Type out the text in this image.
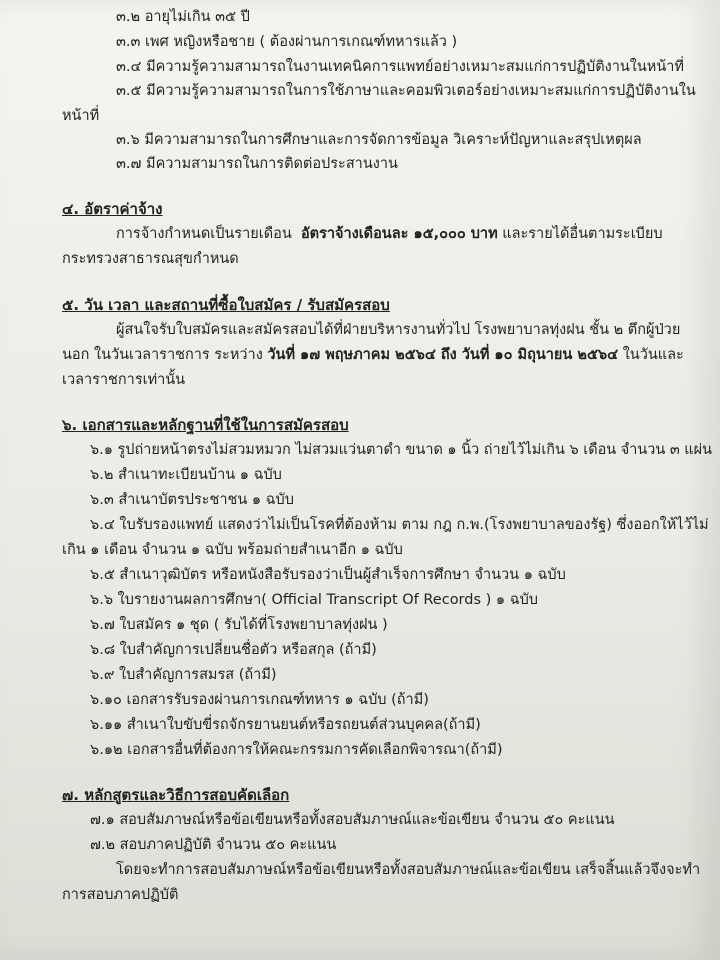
๓.๒ อายุไม่เกิน ๓๕ ปี
๓.๓ เพศ หญิงหรือชาย ( ต้องผ่านการเกณฑ์ทหารแล้ว )
๓.๔ มีความรู้ความสามารถในงานเทคนิคการแพทย์อย่างเหมาะสมแก่การปฏิบัติงานในหน้าที่
๓.๕ มีความรู้ความสามารถในการใช้ภาษาและคอมพิวเตอร์อย่างเหมาะสมแก่การปฏิบัติงานใน
หน้าที่
๓.๖ มีความสามารถในการศึกษาและการจัดการข้อมูล วิเคราะห์ปัญหาและสรุปเหตุผล
๓.๗ มีความสามารถในการติดต่อประสานงาน
๔. อัตราค่าจ้าง
การจ้างกำหนดเป็นรายเดือน อัตราจ้างเดือนละ ๑๕,๐๐๐ บาท และรายได้อื่นตามระเบียบ
กระทรวงสาธารณสุขกำหนด
๕. วัน เวลา และสถานที่ซื้อใบสมัคร / รับสมัครสอบ
ผู้สนใจรับใบสมัครและสมัครสอบได้ที่ฝ่ายบริหารงานทั่วไป โรงพยาบาลทุ่งฝน ชั้น ๒ ตึกผู้ป่วย
นอก ในวันเวลาราชการ ระหว่าง วันที่ ๑๗ พฤษภาคม ๒๕๖๔ ถึง วันที่ ๑๐ มิถุนายน ๒๕๖๔ ในวันและ
เวลาราชการเท่านั้น
๖. เอกสารและหลักฐานที่ใช้ในการสมัครสอบ
๖.๑ รูปถ่ายหน้าตรงไม่สวมหมวก ไม่สวมแว่นตาดำ ขนาด ๑ นิ้ว ถ่ายไว้ไม่เกิน ๖ เดือน จำนวน ๓ แผ่น
๖.๒ สำเนาทะเบียนบ้าน ๑ ฉบับ
๖.๓ สำเนาบัตรประชาชน ๑ ฉบับ
๖.๔ ใบรับรองแพทย์ แสดงว่าไม่เป็นโรคที่ต้องห้าม ตาม กฎ ก.พ.(โรงพยาบาลของรัฐ) ซึ่งออกให้ไว้ไม่
เกิน ๑ เดือน จำนวน ๑ ฉบับ พร้อมถ่ายสำเนาอีก ๑ ฉบับ
๖.๕ สำเนาวุฒิบัตร หรือหนังสือรับรองว่าเป็นผู้สำเร็จการศึกษา จำนวน ๑ ฉบับ
๖.๖ ใบรายงานผลการศึกษา( Official Transcript Of Records ) ๑ ฉบับ
๖.๗ ใบสมัคร ๑ ชุด ( รับได้ที่โรงพยาบาลทุ่งฝน )
๖.๘ ใบสำคัญการเปลี่ยนชื่อตัว หรือสกุล (ถ้ามี)
๖.๙ ใบสำคัญการสมรส (ถ้ามี)
๖.๑๐ เอกสารรับรองผ่านการเกณฑ์ทหาร ๑ ฉบับ (ถ้ามี)
๖.๑๑ สำเนาใบขับขี่รถจักรยานยนต์หรือรถยนต์ส่วนบุคคล(ถ้ามี)
๖.๑๒ เอกสารอื่นที่ต้องการให้คณะกรรมการคัดเลือกพิจารณา(ถ้ามี)
๗. หลักสูตรและวิธีการสอบคัดเลือก
๗.๑ สอบสัมภาษณ์หรือข้อเขียนหรือทั้งสอบสัมภาษณ์และข้อเขียน จำนวน ๕๐ คะแนน
๗.๒ สอบภาคปฏิบัติ จำนวน ๕๐ คะแนน
โดยจะทำการสอบสัมภาษณ์หรือข้อเขียนหรือทั้งสอบสัมภาษณ์และข้อเขียน เสร็จสิ้นแล้วจึงจะทำ
การสอบภาคปฏิบัติ
